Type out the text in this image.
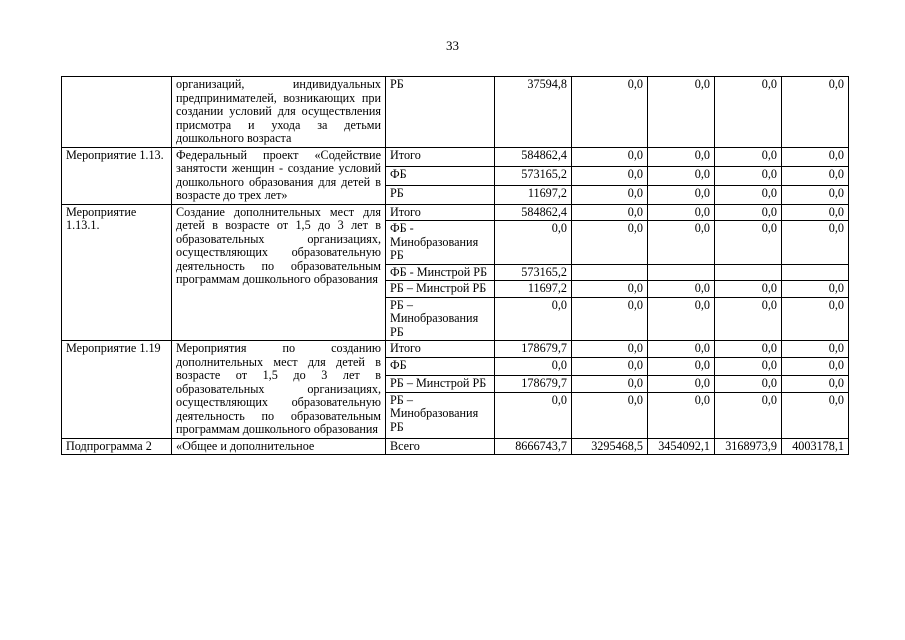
33
	организаций, индивидуальных предпринимателей, возникающих при создании условий для осуществления присмотра и ухода за детьми дошкольного возраста	РБ	37594,8	0,0	0,0	0,0	0,0
Мероприятие 1.13.	Федеральный проект «Содействие занятости женщин - создание условий дошкольного образования для детей в возрасте до трех лет»	Итого	584862,4	0,0	0,0	0,0	0,0
		ФБ	573165,2	0,0	0,0	0,0	0,0
		РБ	11697,2	0,0	0,0	0,0	0,0
Мероприятие 1.13.1.	Создание дополнительных мест для детей в возрасте от 1,5 до 3 лет в образовательных организациях, осуществляющих образовательную деятельность по образовательным программам дошкольного образования	Итого	584862,4	0,0	0,0	0,0	0,0
		ФБ - Минобразования РБ	0,0	0,0	0,0	0,0	0,0
		ФБ - Минстрой РБ	573165,2				
		РБ – Минстрой РБ	11697,2	0,0	0,0	0,0	0,0
		РБ – Минобразования РБ	0,0	0,0	0,0	0,0	0,0
Мероприятие 1.19	Мероприятия по созданию дополнительных мест для детей в возрасте от 1,5 до 3 лет в образовательных организациях, осуществляющих образовательную деятельность по образовательным программам дошкольного образования	Итого	178679,7	0,0	0,0	0,0	0,0
		ФБ	0,0	0,0	0,0	0,0	0,0
		РБ – Минстрой РБ	178679,7	0,0	0,0	0,0	0,0
		РБ – Минобразования РБ	0,0	0,0	0,0	0,0	0,0
Подпрограмма 2	«Общее и дополнительное	Всего	8666743,7	3295468,5	3454092,1	3168973,9	4003178,1
